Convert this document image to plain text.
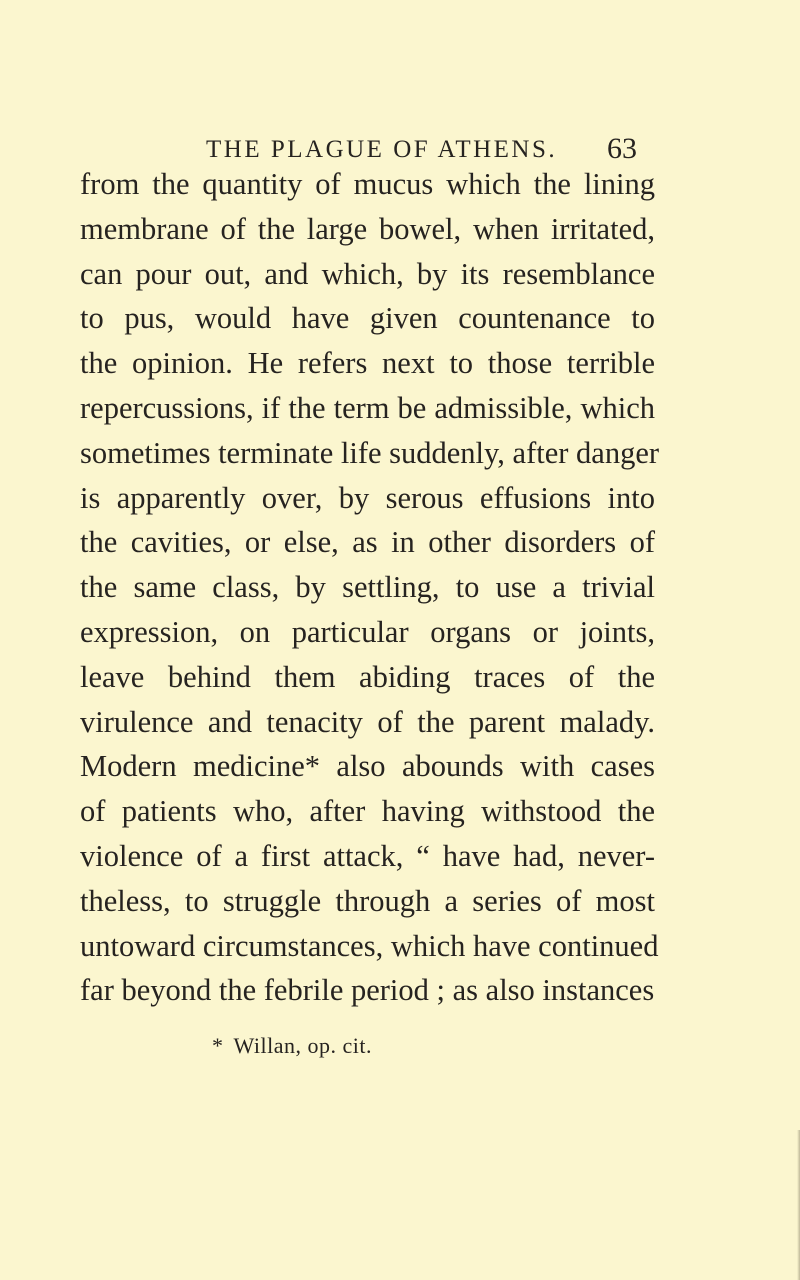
THE PLAGUE OF ATHENS. 63
from the quantity of mucus which the lining
membrane of the large bowel, when irritated,
can pour out, and which, by its resemblance
to pus, would have given countenance to
the opinion. He refers next to those terrible
repercussions, if the term be admissible, which
sometimes terminate life suddenly, after danger
is apparently over, by serous effusions into
the cavities, or else, as in other disorders of
the same class, by settling, to use a trivial
expression, on particular organs or joints,
leave behind them abiding traces of the
virulence and tenacity of the parent malady.
Modern medicine* also abounds with cases
of patients who, after having withstood the
violence of a first attack, “ have had, never-
theless, to struggle through a series of most
untoward circumstances, which have continued
far beyond the febrile period ; as also instances
* Willan, op. cit.
